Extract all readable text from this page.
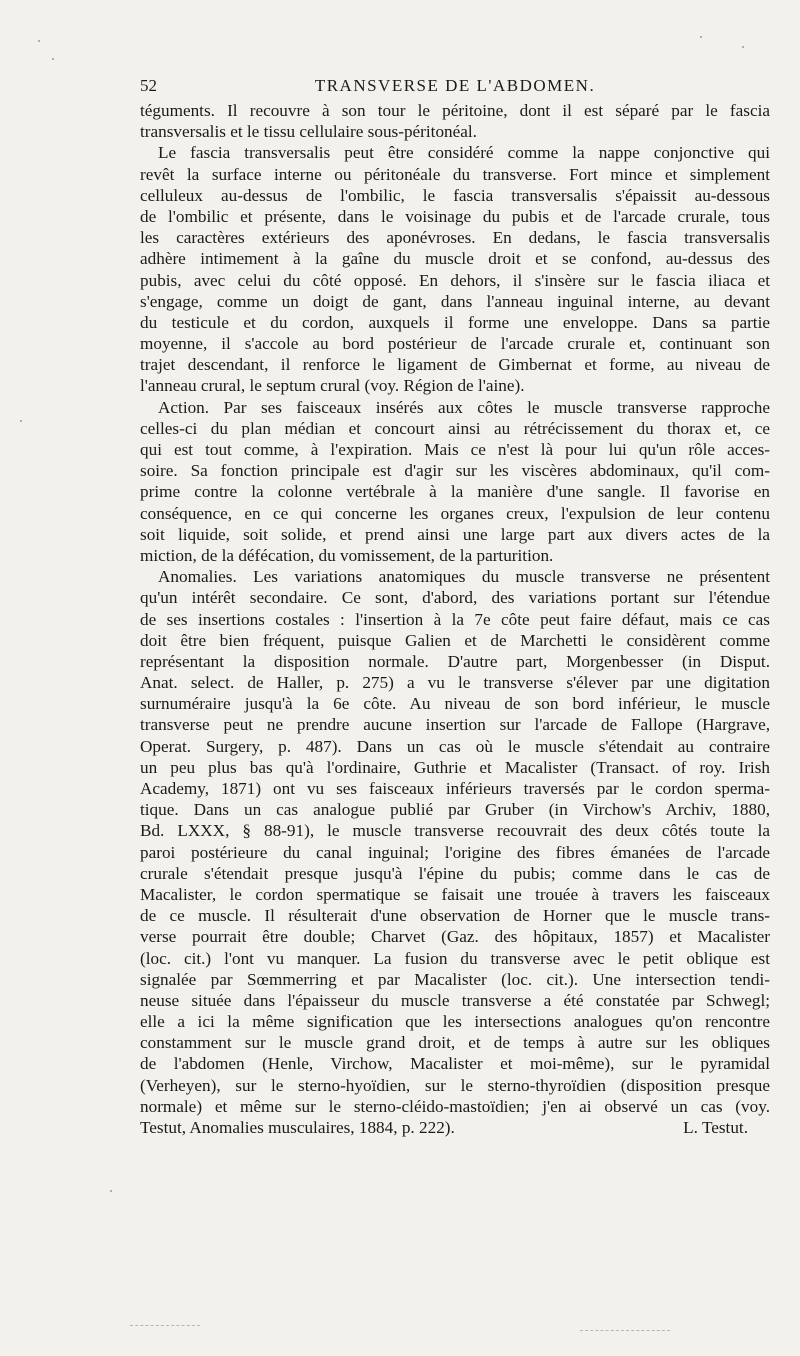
52	TRANSVERSE DE L'ABDOMEN.
téguments. Il recouvre à son tour le péritoine, dont il est séparé par le fascia
transversalis et le tissu cellulaire sous-péritonéal.
Le fascia transversalis peut être considéré comme la nappe conjonctive qui
revêt la surface interne ou péritonéale du transverse. Fort mince et simplement
celluleux au-dessus de l'ombilic, le fascia transversalis s'épaissit au-dessous
de l'ombilic et présente, dans le voisinage du pubis et de l'arcade crurale, tous
les caractères extérieurs des aponévroses. En dedans, le fascia transversalis
adhère intimement à la gaîne du muscle droit et se confond, au-dessus des
pubis, avec celui du côté opposé. En dehors, il s'insère sur le fascia iliaca et
s'engage, comme un doigt de gant, dans l'anneau inguinal interne, au devant
du testicule et du cordon, auxquels il forme une enveloppe. Dans sa partie
moyenne, il s'accole au bord postérieur de l'arcade crurale et, continuant son
trajet descendant, il renforce le ligament de Gimbernat et forme, au niveau de
l'anneau crural, le septum crural (voy. Région de l'aine).
Action. Par ses faisceaux insérés aux côtes le muscle transverse rapproche
celles-ci du plan médian et concourt ainsi au rétrécissement du thorax et, ce
qui est tout comme, à l'expiration. Mais ce n'est là pour lui qu'un rôle acces-
soire. Sa fonction principale est d'agir sur les viscères abdominaux, qu'il com-
prime contre la colonne vertébrale à la manière d'une sangle. Il favorise en
conséquence, en ce qui concerne les organes creux, l'expulsion de leur contenu
soit liquide, soit solide, et prend ainsi une large part aux divers actes de la
miction, de la défécation, du vomissement, de la parturition.
Anomalies. Les variations anatomiques du muscle transverse ne présentent
qu'un intérêt secondaire. Ce sont, d'abord, des variations portant sur l'étendue
de ses insertions costales : l'insertion à la 7e côte peut faire défaut, mais ce cas
doit être bien fréquent, puisque Galien et de Marchetti le considèrent comme
représentant la disposition normale. D'autre part, Morgenbesser (in Disput.
Anat. select. de Haller, p. 275) a vu le transverse s'élever par une digitation
surnuméraire jusqu'à la 6e côte. Au niveau de son bord inférieur, le muscle
transverse peut ne prendre aucune insertion sur l'arcade de Fallope (Hargrave,
Operat. Surgery, p. 487). Dans un cas où le muscle s'étendait au contraire
un peu plus bas qu'à l'ordinaire, Guthrie et Macalister (Transact. of roy. Irish
Academy, 1871) ont vu ses faisceaux inférieurs traversés par le cordon sperma-
tique. Dans un cas analogue publié par Gruber (in Virchow's Archiv, 1880,
Bd. LXXX, § 88-91), le muscle transverse recouvrait des deux côtés toute la
paroi postérieure du canal inguinal; l'origine des fibres émanées de l'arcade
crurale s'étendait presque jusqu'à l'épine du pubis; comme dans le cas de
Macalister, le cordon spermatique se faisait une trouée à travers les faisceaux
de ce muscle. Il résulterait d'une observation de Horner que le muscle trans-
verse pourrait être double; Charvet (Gaz. des hôpitaux, 1857) et Macalister
(loc. cit.) l'ont vu manquer. La fusion du transverse avec le petit oblique est
signalée par Sœmmerring et par Macalister (loc. cit.). Une intersection tendi-
neuse située dans l'épaisseur du muscle transverse a été constatée par Schwegl;
elle a ici la même signification que les intersections analogues qu'on rencontre
constamment sur le muscle grand droit, et de temps à autre sur les obliques
de l'abdomen (Henle, Virchow, Macalister et moi-même), sur le pyramidal
(Verheyen), sur le sterno-hyoïdien, sur le sterno-thyroïdien (disposition presque
normale) et même sur le sterno-cléido-mastoïdien; j'en ai observé un cas (voy.
Testut, Anomalies musculaires, 1884, p. 222).	L. Testut.
